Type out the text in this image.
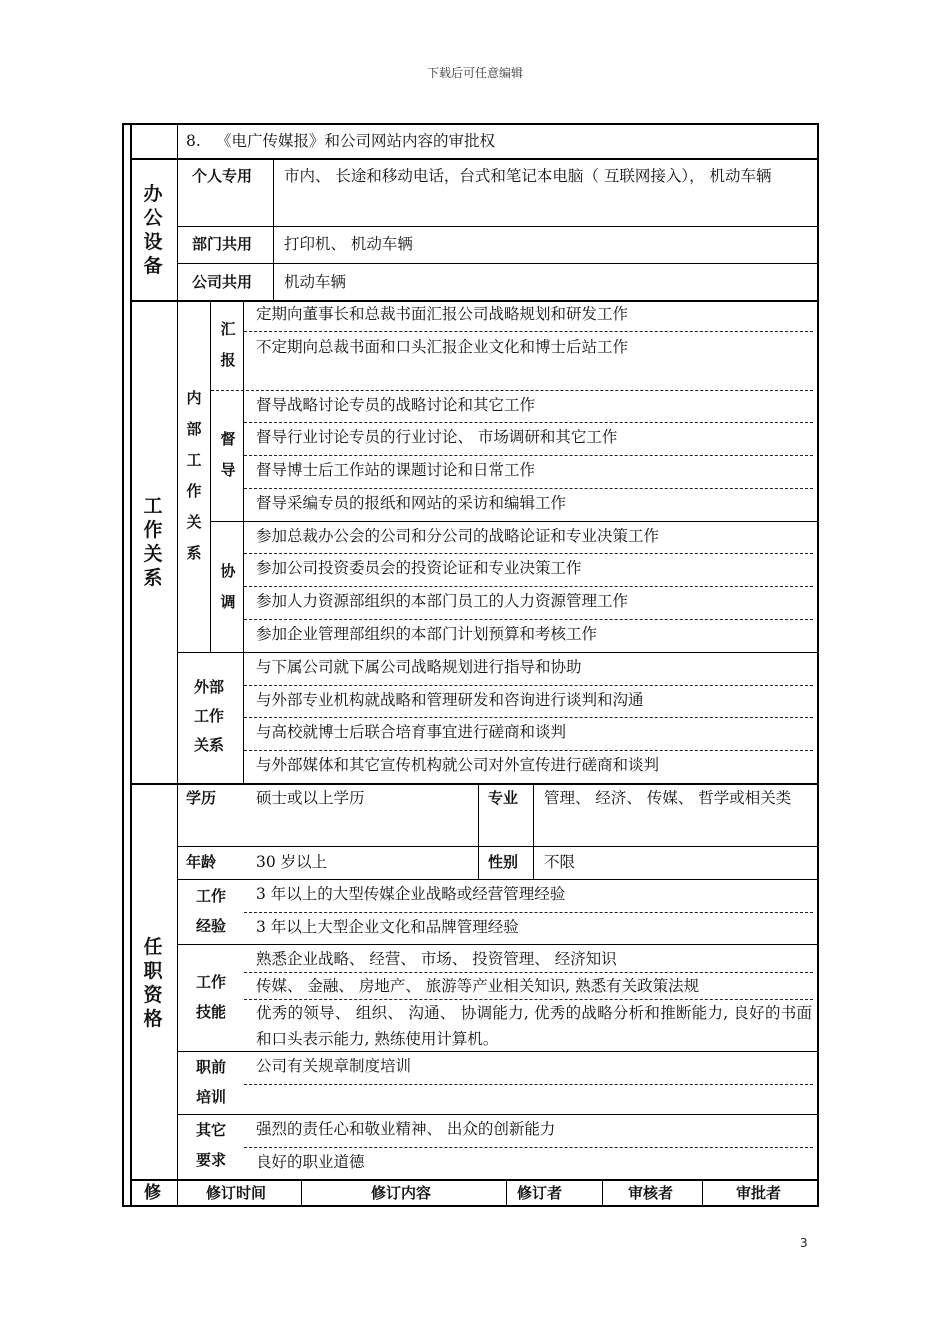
下载后可任意编辑
8. 《电广传媒报》和公司网站内容的审批权
办
公
设
备
个人专用 市内、 长途和移动电话，台式和笔记本电脑（ 互联网接入）， 机动车辆
部门共用 打印机、 机动车辆
公司共用 机动车辆
工
作
关
系
内
部
工
作
关
系
汇
报
定期向董事长和总裁书面汇报公司战略规划和研发工作
不定期向总裁书面和口头汇报企业文化和博士后站工作
督
导
督导战略讨论专员的战略讨论和其它工作
督导行业讨论专员的行业讨论、 市场调研和其它工作
督导博士后工作站的课题讨论和日常工作
督导采编专员的报纸和网站的采访和编辑工作
协
调
参加总裁办公会的公司和分公司的战略论证和专业决策工作
参加公司投资委员会的投资论证和专业决策工作
参加人力资源部组织的本部门员工的人力资源管理工作
参加企业管理部组织的本部门计划预算和考核工作
外部
工作
关系
与下属公司就下属公司战略规划进行指导和协助
与外部专业机构就战略和管理研发和咨询进行谈判和沟通
与高校就博士后联合培育事宜进行磋商和谈判
与外部媒体和其它宣传机构就公司对外宣传进行磋商和谈判
任
职
资
格
学历	硕士或以上学历	专业 管理、 经济、 传媒、 哲学或相关类
年龄	30 岁以上	性别 不限
工作
经验
3 年以上的大型传媒企业战略或经营管理经验
3 年以上大型企业文化和品牌管理经验
工作
技能
熟悉企业战略、 经营、 市场、 投资管理、 经济知识
传媒、 金融、 房地产、 旅游等产业相关知识, 熟悉有关政策法规
优秀的领导、 组织、 沟通、 协调能力, 优秀的战略分析和推断能力, 良好的书面和口头表示能力, 熟练使用计算机。
职前
培训
公司有关规章制度培训
其它
要求
强烈的责任心和敬业精神、 出众的创新能力
良好的职业道德
修	修订时间	修订内容	修订者	审核者	审批者
3
